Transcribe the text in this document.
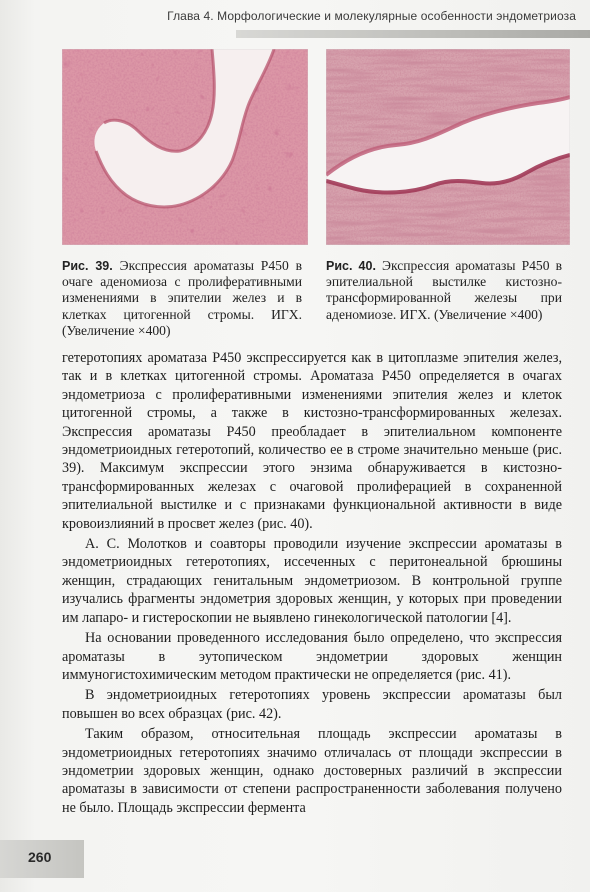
Глава 4. Морфологические и молекулярные особенности эндометриоза
Рис. 39. Экспрессия ароматазы Р450 в очаге аденомиоза с пролиферативными изменениями в эпителии желез и в клетках цитогенной стромы. ИГХ. (Увеличение ×400)
Рис. 40. Экспрессия ароматазы Р450 в эпителиальной выстилке кистозно-трансформированной железы при аденомиозе. ИГХ. (Увеличение ×400)

гетеротопиях ароматаза Р450 экспрессируется как в цитоплазме эпителия желез, так и в клетках цитогенной стромы. Ароматаза Р450 определяется в очагах эндометриоза с пролиферативными изменениями эпителия желез и клеток цитогенной стромы, а также в кистозно-трансформированных железах. Экспрессия ароматазы Р450 преобладает в эпителиальном компоненте эндометриоидных гетеротопий, количество ее в строме значительно меньше (рис. 39). Максимум экспрессии этого энзима обнаруживается в кистозно-трансформированных железах с очаговой пролиферацией в сохраненной эпителиальной выстилке и с признаками функциональной активности в виде кровоизлияний в просвет желез (рис. 40).

А. С. Молотков и соавторы проводили изучение экспрессии ароматазы в эндометриоидных гетеротопиях, иссеченных с перитонеальной брюшины женщин, страдающих генитальным эндометриозом. В контрольной группе изучались фрагменты эндометрия здоровых женщин, у которых при проведении им лапаро- и гистероскопии не выявлено гинекологической патологии [4].

На основании проведенного исследования было определено, что экспрессия ароматазы в эутопическом эндометрии здоровых женщин иммуногистохимическим методом практически не определяется (рис. 41).

В эндометриоидных гетеротопиях уровень экспрессии ароматазы был повышен во всех образцах (рис. 42).

Таким образом, относительная площадь экспрессии ароматазы в эндометриоидных гетеротопиях значимо отличалась от площади экспрессии в эндометрии здоровых женщин, однако достоверных различий в экспрессии ароматазы в зависимости от степени распространенности заболевания получено не было. Площадь экспрессии фермента

260
